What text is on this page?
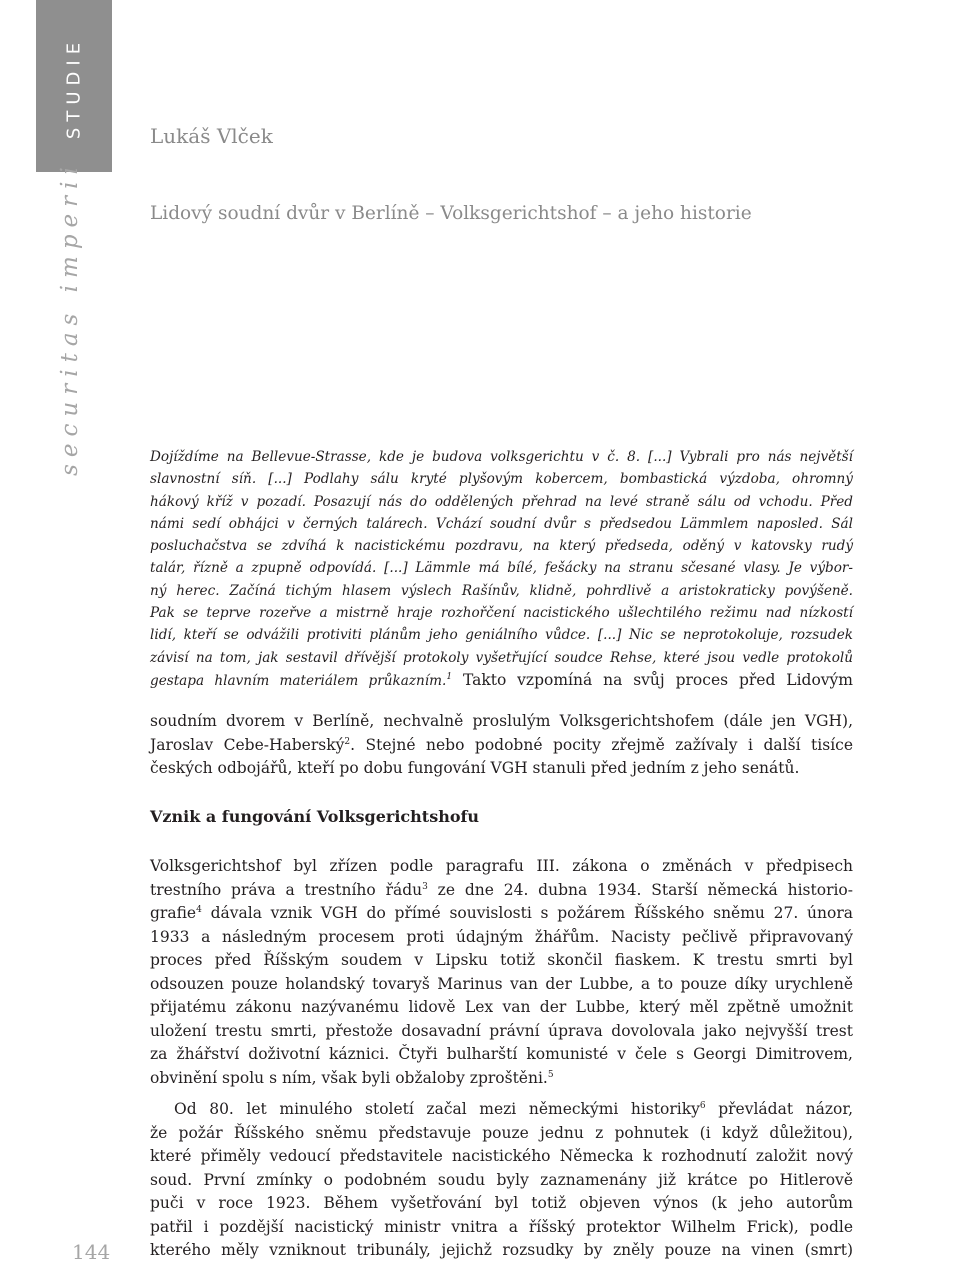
STUDIE
securitas imperii
144
Lukáš Vlček
Lidový soudní dvůr v Berlíně – Volksgerichtshof – a jeho historie
Dojíždíme na Bellevue-Strasse, kde je budova volksgerichtu v č. 8. [...] Vybrali pro nás největší
slavnostní síň. [...] Podlahy sálu kryté plyšovým kobercem, bombastická výzdoba, ohromný
hákový kříž v pozadí. Posazují nás do oddělených přehrad na levé straně sálu od vchodu. Před
námi sedí obhájci v černých talárech. Vchází soudní dvůr s předsedou Lämmlem naposled. Sál
posluchačstva se zdvíhá k nacistickému pozdravu, na který předseda, oděný v katovsky rudý
talár, řízně a zpupně odpovídá. [...] Lämmle má bílé, fešácky na stranu sčesané vlasy. Je výbor-
ný herec. Začíná tichým hlasem výslech Rašínův, klidně, pohrdlivě a aristokraticky povýšeně.
Pak se teprve rozeřve a mistrně hraje rozhořčení nacistického ušlechtilého režimu nad nízkostí
lidí, kteří se odvážili protiviti plánům jeho geniálního vůdce. [...] Nic se neprotokoluje, rozsudek
závisí na tom, jak sestavil dřívější protokoly vyšetřující soudce Rehse, které jsou vedle protokolů
gestapa hlavním materiálem průkazním.$^1$ Takto vzpomíná na svůj proces před Lidovým
soudním dvorem v Berlíně, nechvalně proslulým Volksgerichtshofem (dále jen VGH),
Jaroslav Cebe-Haberský$^2$. Stejné nebo podobné pocity zřejmě zažívaly i další tisíce
českých odbojářů, kteří po dobu fungování VGH stanuli před jedním z jeho senátů.
Vznik a fungování Volksgerichtshofu
Volksgerichtshof byl zřízen podle paragrafu III. zákona o změnách v předpisech
trestního práva a trestního řádu$^3$ ze dne 24. dubna 1934. Starší německá historio-
grafie$^4$ dávala vznik VGH do přímé souvislosti s požárem Říšského sněmu 27. února
1933 a následným procesem proti údajným žhářům. Nacisty pečlivě připravovaný
proces před Říšským soudem v Lipsku totiž skončil fiaskem. K trestu smrti byl
odsouzen pouze holandský tovaryš Marinus van der Lubbe, a to pouze díky urychleně
přijatému zákonu nazývanému lidově Lex van der Lubbe, který měl zpětně umožnit
uložení trestu smrti, přestože dosavadní právní úprava dovolovala jako nejvyšší trest
za žhářství doživotní káznici. Čtyři bulharští komunisté v čele s Georgi Dimitrovem,
obvinění spolu s ním, však byli obžaloby zproštěni.$^5$
Od 80. let minulého století začal mezi německými historiky$^6$ převládat názor,
že požár Říšského sněmu představuje pouze jednu z pohnutek (i když důležitou),
které přiměly vedoucí představitele nacistického Německa k rozhodnutí založit nový
soud. První zmínky o podobném soudu byly zaznamenány již krátce po Hitlerově
puči v roce 1923. Během vyšetřování byl totiž objeven výnos (k jeho autorům
patřil i pozdější nacistický ministr vnitra a říšský protektor Wilhelm Frick), podle
kterého měly vzniknout tribunály, jejichž rozsudky by zněly pouze na vinen (smrt)
